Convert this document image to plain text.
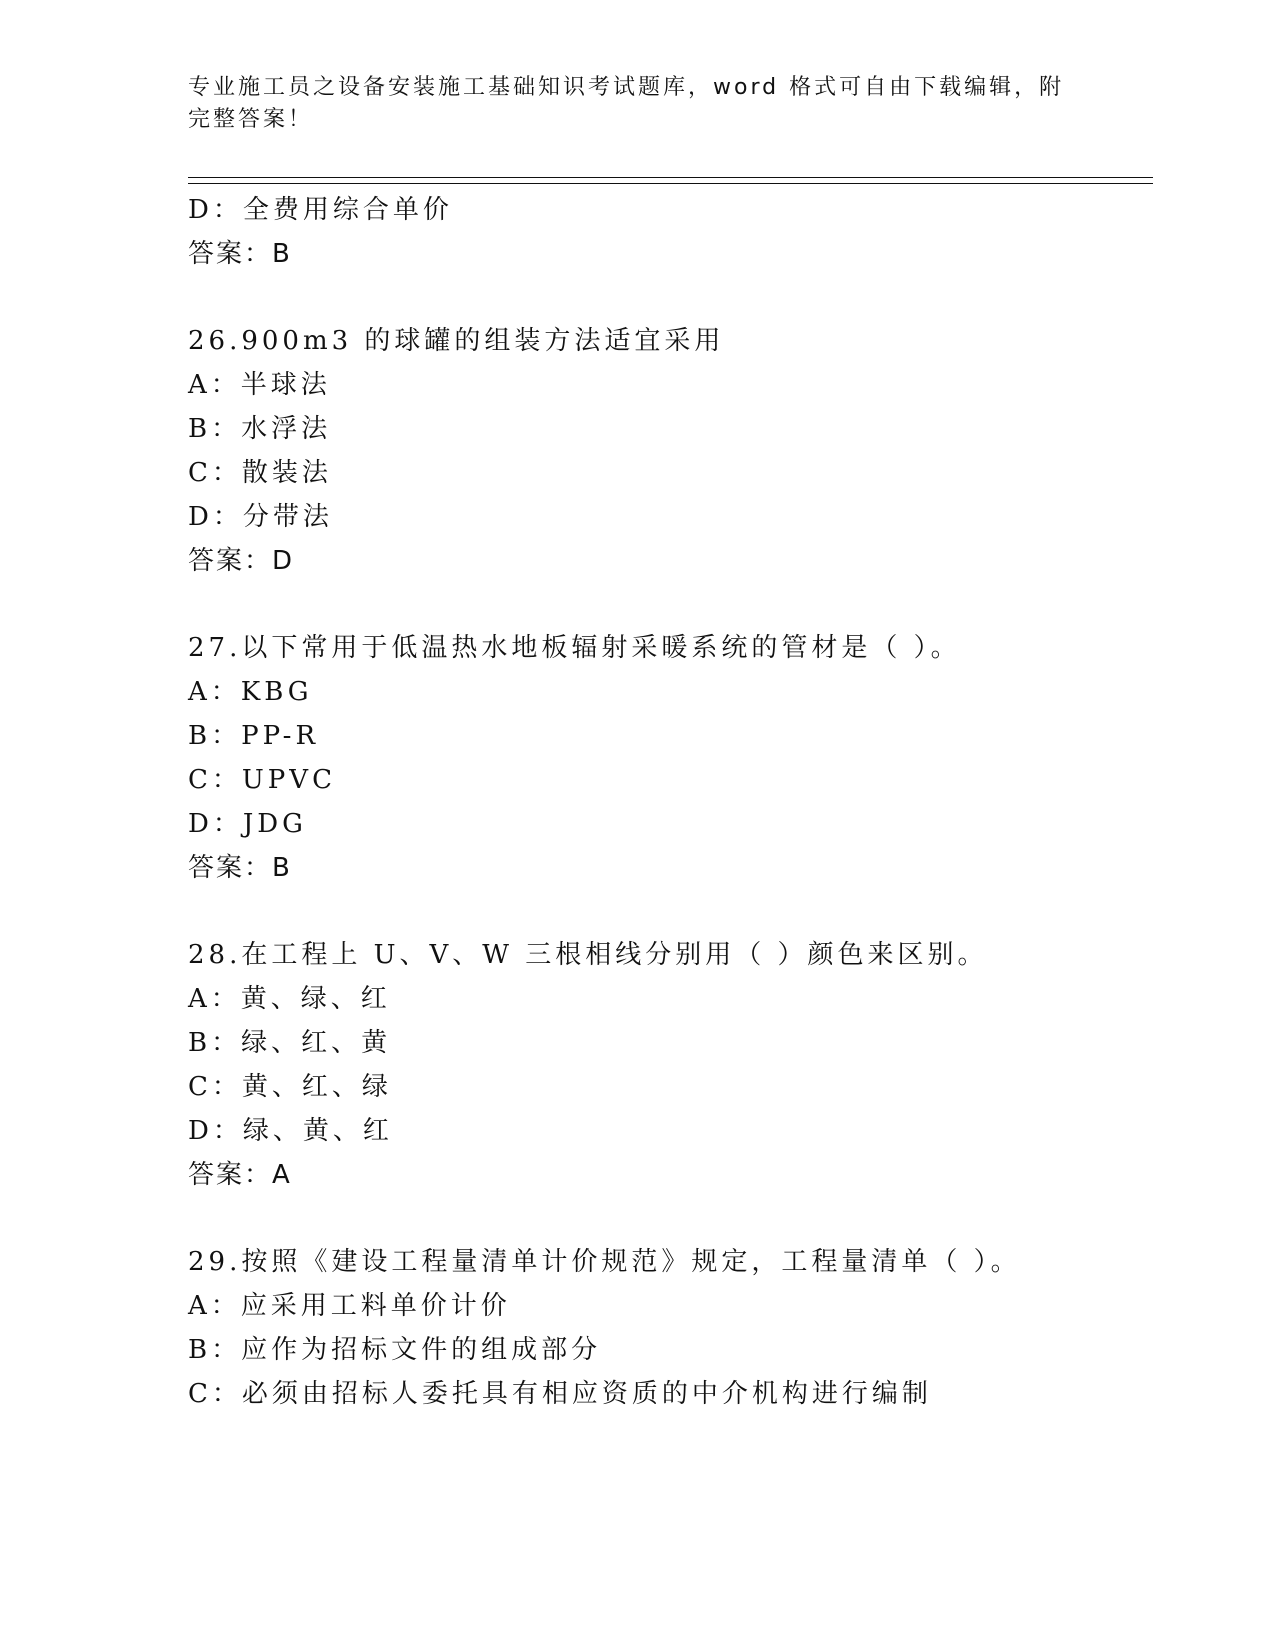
专业施工员之设备安装施工基础知识考试题库，word 格式可自由下载编辑，附完整答案！

D：全费用综合单价
答案：B
26.900m3 的球罐的组装方法适宜采用
A：半球法
B：水浮法
C：散装法
D：分带法
答案：D
27.以下常用于低温热水地板辐射采暖系统的管材是（ ）。
A：KBG
B：PP-R
C：UPVC
D：JDG
答案：B
28.在工程上 U、V、W 三根相线分别用（ ）颜色来区别。
A：黄、绿、红
B：绿、红、黄
C：黄、红、绿
D：绿、黄、红
答案：A
29.按照《建设工程量清单计价规范》规定，工程量清单（ ）。
A：应采用工料单价计价
B：应作为招标文件的组成部分
C：必须由招标人委托具有相应资质的中介机构进行编制
